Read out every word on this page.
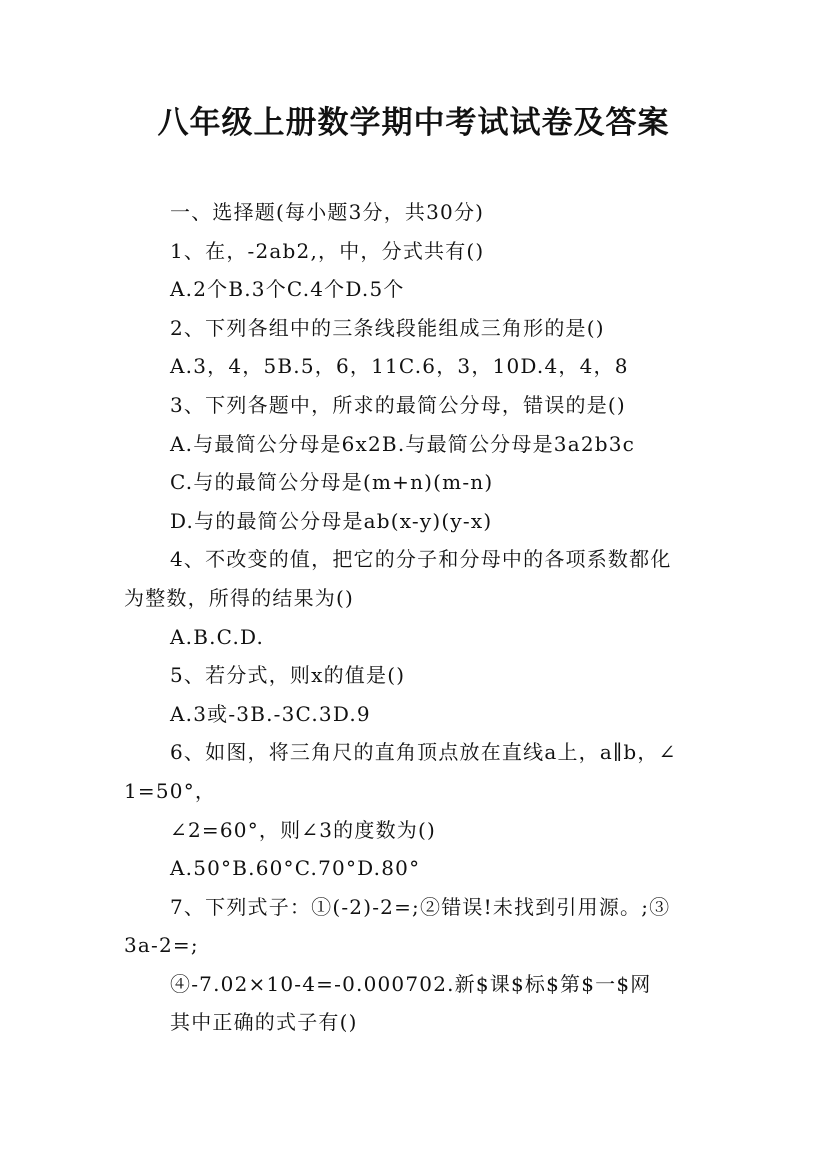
八年级上册数学期中考试试卷及答案
一、选择题(每小题3分，共30分)
1、在，-2ab2,，中，分式共有()
A.2个B.3个C.4个D.5个
2、下列各组中的三条线段能组成三角形的是()
A.3，4，5B.5，6，11C.6，3，10D.4，4，8
3、下列各题中，所求的最简公分母，错误的是()
A.与最简公分母是6x2B.与最简公分母是3a2b3c
C.与的最简公分母是(m+n)(m-n)
D.与的最简公分母是ab(x-y)(y-x)
4、不改变的值，把它的分子和分母中的各项系数都化
为整数，所得的结果为()
A.B.C.D.
5、若分式，则x的值是()
A.3或-3B.-3C.3D.9
6、如图，将三角尺的直角顶点放在直线a上，a∥b，∠
1=50°，
∠2=60°，则∠3的度数为()
A.50°B.60°C.70°D.80°
7、下列式子：①(-2)-2=;②错误!未找到引用源。;③
3a-2=;
④-7.02×10-4=-0.000702.新$课$标$第$一$网
其中正确的式子有()
